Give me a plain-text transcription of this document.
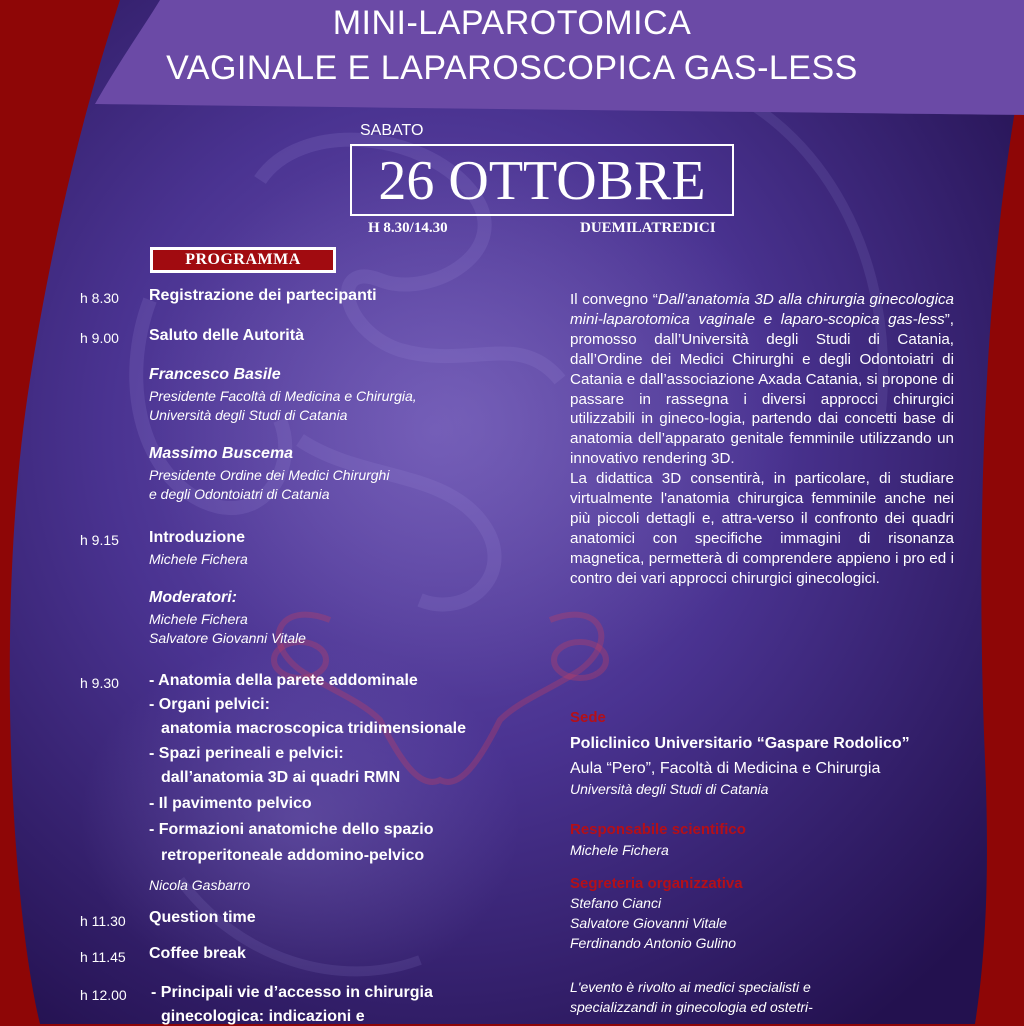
MINI-LAPAROTOMICA
VAGINALE E LAPAROSCOPICA GAS-LESS
SABATO
26 OTTOBRE
H 8.30/14.30	DUEMILATREDICI
PROGRAMMA
h 8.30 Registrazione dei partecipanti
h 9.00 Saluto delle Autorità
Francesco Basile
Presidente Facoltà di Medicina e Chirurgia,
Università degli Studi di Catania
Massimo Buscema
Presidente Ordine dei Medici Chirurghi
e degli Odontoiatri di Catania
h 9.15 Introduzione
Michele Fichera
Moderatori:
Michele Fichera
Salvatore Giovanni Vitale
h 9.30 - Anatomia della parete addominale
- Organi pelvici:
anatomia macroscopica tridimensionale
- Spazi perineali e pelvici:
dall’anatomia 3D ai quadri RMN
- Il pavimento pelvico
- Formazioni anatomiche dello spazio
retroperitoneale addomino-pelvico
Nicola Gasbarro
h 11.30 Question time
h 11.45 Coffee break
h 12.00 - Principali vie d’accesso in chirurgia
ginecologica: indicazioni e

Il convegno “Dall’anatomia 3D alla chirurgia ginecologica mini-laparotomica vaginale e laparo-scopica gas-less”, promosso dall’Università degli Studi di Catania, dall’Ordine dei Medici Chirurghi e degli Odontoiatri di Catania e dall’associazione Axada Catania, si propone di passare in rassegna i diversi approcci chirurgici utilizzabili in gineco-logia, partendo dai concetti base di anatomia dell’apparato genitale femminile utilizzando un innovativo rendering 3D.

La didattica 3D consentirà, in particolare, di studiare virtualmente l'anatomia chirurgica femminile anche nei più piccoli dettagli e, attra-verso il confronto dei quadri anatomici con specifiche immagini di risonanza magnetica, permetterà di comprendere appieno i pro ed i contro dei vari approcci chirurgici ginecologici.

Sede
Policlinico Universitario “Gaspare Rodolico”
Aula “Pero”, Facoltà di Medicina e Chirurgia
Università degli Studi di Catania
Responsabile scientifico
Michele Fichera
Segreteria organizzativa
Stefano Cianci
Salvatore Giovanni Vitale
Ferdinando Antonio Gulino
L'evento è rivolto ai medici specialisti e
specializzandi in ginecologia ed ostetri-
